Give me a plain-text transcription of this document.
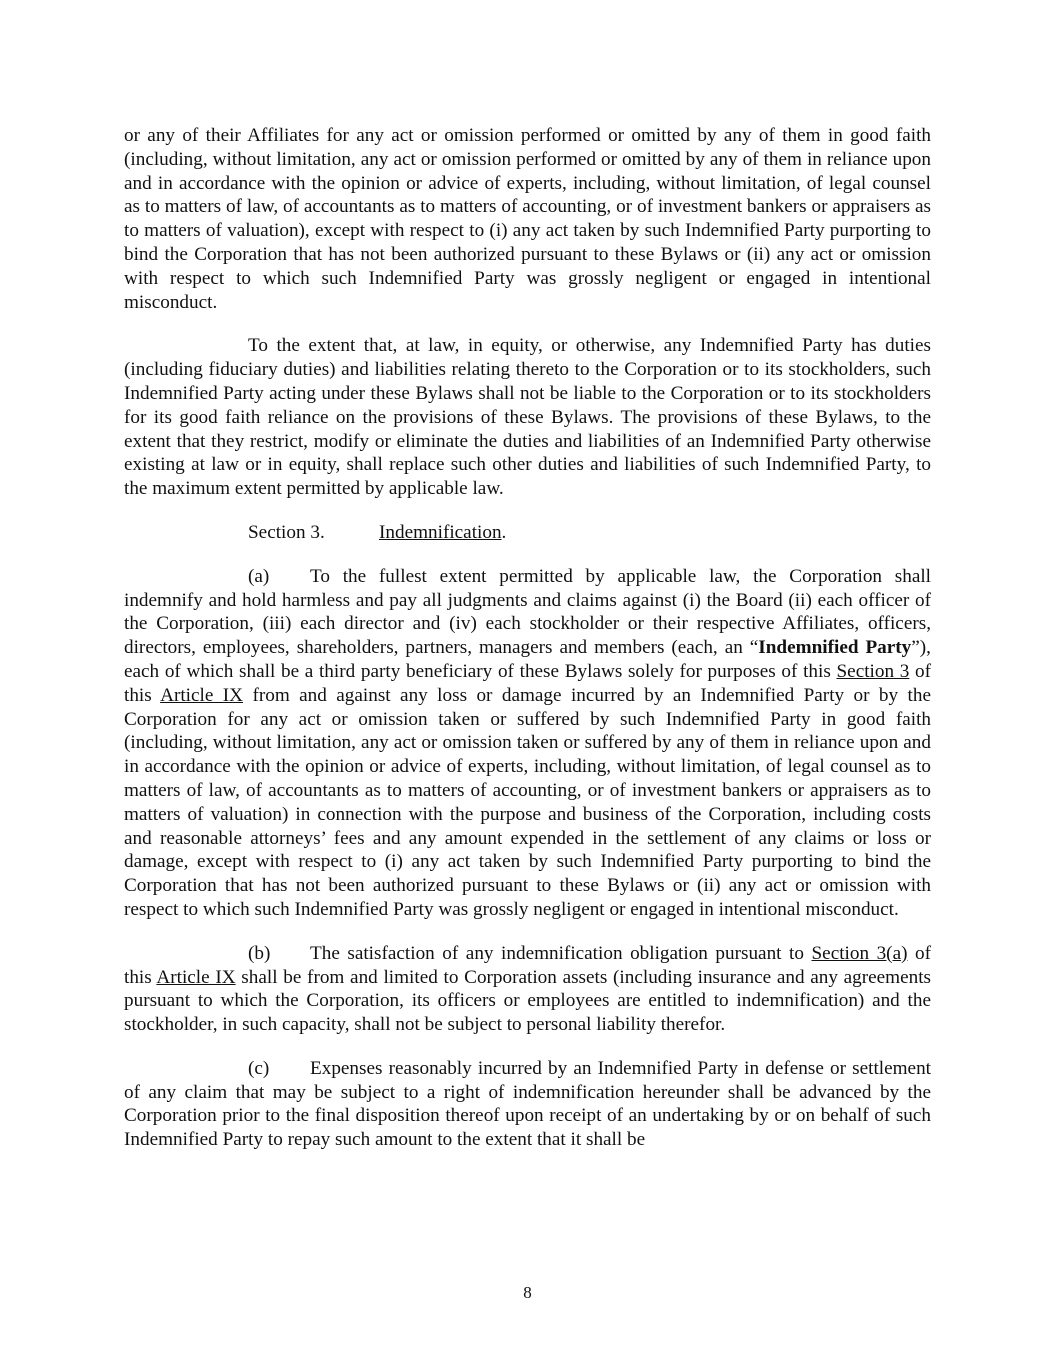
or any of their Affiliates for any act or omission performed or omitted by any of them in good faith (including, without limitation, any act or omission performed or omitted by any of them in reliance upon and in accordance with the opinion or advice of experts, including, without limitation, of legal counsel as to matters of law, of accountants as to matters of accounting, or of investment bankers or appraisers as to matters of valuation), except with respect to (i) any act taken by such Indemnified Party purporting to bind the Corporation that has not been authorized pursuant to these Bylaws or (ii) any act or omission with respect to which such Indemnified Party was grossly negligent or engaged in intentional misconduct.

To the extent that, at law, in equity, or otherwise, any Indemnified Party has duties (including fiduciary duties) and liabilities relating thereto to the Corporation or to its stockholders, such Indemnified Party acting under these Bylaws shall not be liable to the Corporation or to its stockholders for its good faith reliance on the provisions of these Bylaws. The provisions of these Bylaws, to the extent that they restrict, modify or eliminate the duties and liabilities of an Indemnified Party otherwise existing at law or in equity, shall replace such other duties and liabilities of such Indemnified Party, to the maximum extent permitted by applicable law.

Section 3.	Indemnification.

(a) To the fullest extent permitted by applicable law, the Corporation shall indemnify and hold harmless and pay all judgments and claims against (i) the Board (ii) each officer of the Corporation, (iii) each director and (iv) each stockholder or their respective Affiliates, officers, directors, employees, shareholders, partners, managers and members (each, an “Indemnified Party”), each of which shall be a third party beneficiary of these Bylaws solely for purposes of this Section 3 of this Article IX from and against any loss or damage incurred by an Indemnified Party or by the Corporation for any act or omission taken or suffered by such Indemnified Party in good faith (including, without limitation, any act or omission taken or suffered by any of them in reliance upon and in accordance with the opinion or advice of experts, including, without limitation, of legal counsel as to matters of law, of accountants as to matters of accounting, or of investment bankers or appraisers as to matters of valuation) in connection with the purpose and business of the Corporation, including costs and reasonable attorneys’ fees and any amount expended in the settlement of any claims or loss or damage, except with respect to (i) any act taken by such Indemnified Party purporting to bind the Corporation that has not been authorized pursuant to these Bylaws or (ii) any act or omission with respect to which such Indemnified Party was grossly negligent or engaged in intentional misconduct.

(b) The satisfaction of any indemnification obligation pursuant to Section 3(a) of this Article IX shall be from and limited to Corporation assets (including insurance and any agreements pursuant to which the Corporation, its officers or employees are entitled to indemnification) and the stockholder, in such capacity, shall not be subject to personal liability therefor.

(c) Expenses reasonably incurred by an Indemnified Party in defense or settlement of any claim that may be subject to a right of indemnification hereunder shall be advanced by the Corporation prior to the final disposition thereof upon receipt of an undertaking by or on behalf of such Indemnified Party to repay such amount to the extent that it shall be

8
